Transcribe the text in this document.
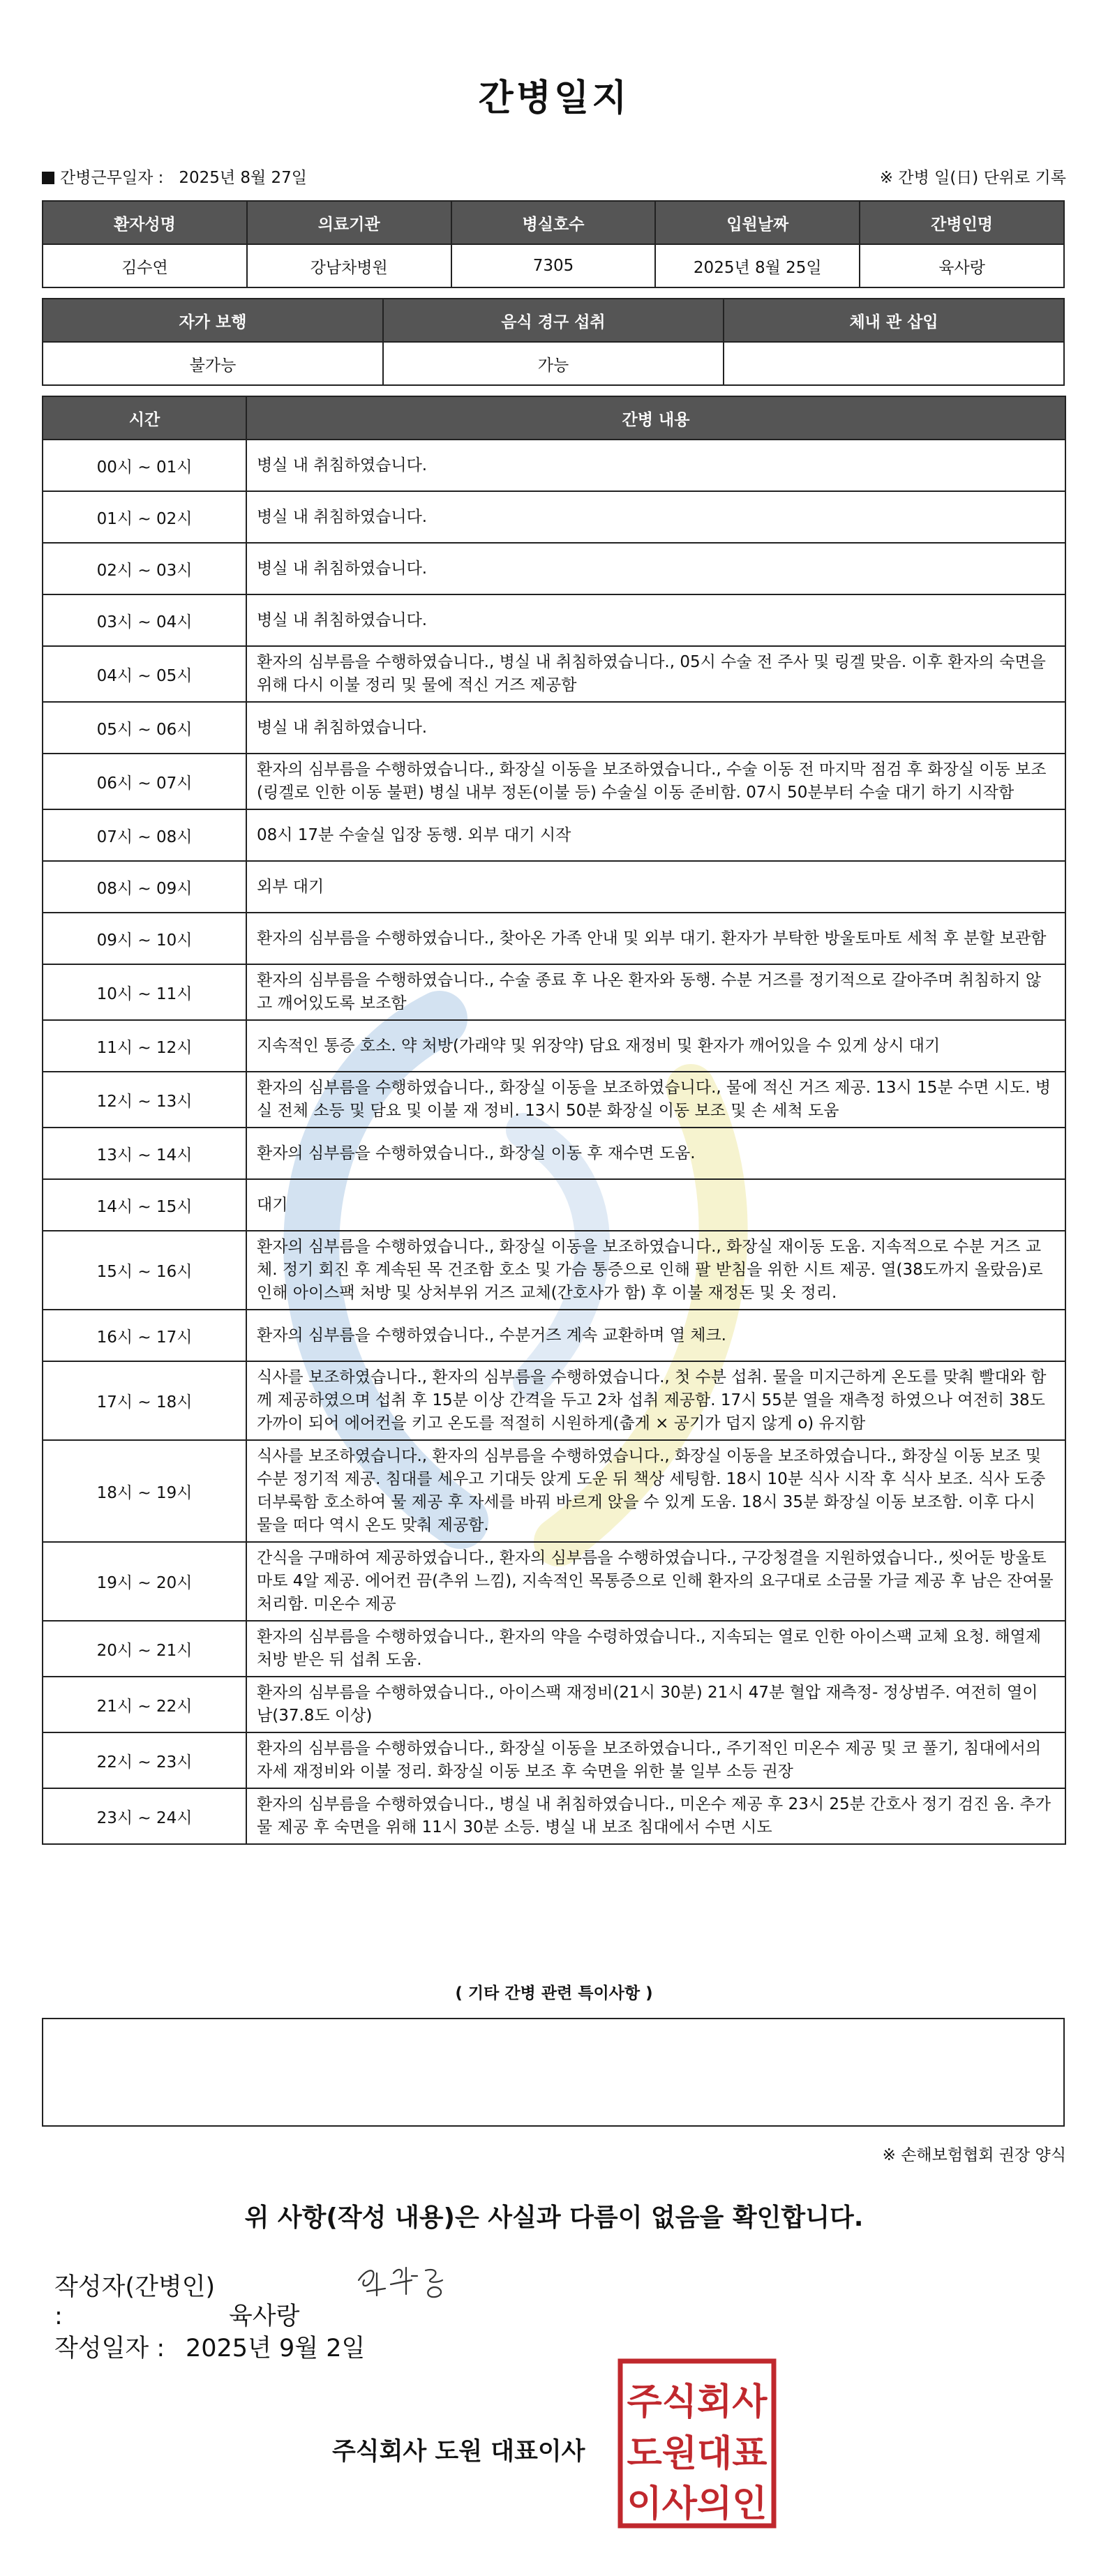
간병일지
간병근무일자 : 2025년 8월 27일	※ 간병 일(日) 단위로 기록
환자성명	의료기관	병실호수	입원날짜	간병인명
김수연	강남차병원	7305	2025년 8월 25일	육사랑
자가 보행	음식 경구 섭취	체내 관 삽입
불가능	가능	
시간	간병 내용
00시 ~ 01시	병실 내 취침하였습니다.
01시 ~ 02시	병실 내 취침하였습니다.
02시 ~ 03시	병실 내 취침하였습니다.
03시 ~ 04시	병실 내 취침하였습니다.
04시 ~ 05시	환자의 심부름을 수행하였습니다., 병실 내 취침하였습니다., 05시 수술 전 주사 및 링겔 맞음. 이후 환자의 숙면을 위해 다시 이불 정리 및 물에 적신 거즈 제공함
05시 ~ 06시	병실 내 취침하였습니다.
06시 ~ 07시	환자의 심부름을 수행하였습니다., 화장실 이동을 보조하였습니다., 수술 이동 전 마지막 점검 후 화장실 이동 보조(링겔로 인한 이동 불편) 병실 내부 정돈(이불 등) 수술실 이동 준비함. 07시 50분부터 수술 대기 하기 시작함
07시 ~ 08시	08시 17분 수술실 입장 동행. 외부 대기 시작
08시 ~ 09시	외부 대기
09시 ~ 10시	환자의 심부름을 수행하였습니다., 찾아온 가족 안내 및 외부 대기. 환자가 부탁한 방울토마토 세척 후 분할 보관함
10시 ~ 11시	환자의 심부름을 수행하였습니다., 수술 종료 후 나온 환자와 동행. 수분 거즈를 정기적으로 갈아주며 취침하지 않고 깨어있도록 보조함
11시 ~ 12시	지속적인 통증 호소. 약 처방(가래약 및 위장약) 담요 재정비 및 환자가 깨어있을 수 있게 상시 대기
12시 ~ 13시	환자의 심부름을 수행하였습니다., 화장실 이동을 보조하였습니다., 물에 적신 거즈 제공. 13시 15분 수면 시도. 병실 전체 소등 및 담요 및 이불 재 정비. 13시 50분 화장실 이동 보조 및 손 세척 도움
13시 ~ 14시	환자의 심부름을 수행하였습니다., 화장실 이동 후 재수면 도움.
14시 ~ 15시	대기
15시 ~ 16시	환자의 심부름을 수행하였습니다., 화장실 이동을 보조하였습니다., 화장실 재이동 도움. 지속적으로 수분 거즈 교체. 정기 회진 후 계속된 목 건조함 호소 및 가슴 통증으로 인해 팔 받침을 위한 시트 제공. 열(38도까지 올랐음)로 인해 아이스팩 처방 및 상처부위 거즈 교체(간호사가 함) 후 이불 재정돈 및 옷 정리.
16시 ~ 17시	환자의 심부름을 수행하였습니다., 수분거즈 계속 교환하며 열 체크.
17시 ~ 18시	식사를 보조하였습니다., 환자의 심부름을 수행하였습니다., 첫 수분 섭취. 물을 미지근하게 온도를 맞춰 빨대와 함께 제공하였으며 섭취 후 15분 이상 간격을 두고 2차 섭취 제공함. 17시 55분 열을 재측정 하였으나 여전히 38도 가까이 되어 에어컨을 키고 온도를 적절히 시원하게(춥게 × 공기가 덥지 않게 o) 유지함
18시 ~ 19시	식사를 보조하였습니다., 환자의 심부름을 수행하였습니다., 화장실 이동을 보조하였습니다., 화장실 이동 보조 및 수분 정기적 제공. 침대를 세우고 기대듯 앉게 도운 뒤 책상 세팅함. 18시 10분 식사 시작 후 식사 보조. 식사 도중 더부룩함 호소하여 물 제공 후 자세를 바꿔 바르게 앉을 수 있게 도움. 18시 35분 화장실 이동 보조함. 이후 다시 물을 떠다 역시 온도 맞춰 제공함.
19시 ~ 20시	간식을 구매하여 제공하였습니다., 환자의 심부름을 수행하였습니다., 구강청결을 지원하였습니다., 씻어둔 방울토마토 4알 제공. 에어컨 끔(추위 느낌), 지속적인 목통증으로 인해 환자의 요구대로 소금물 가글 제공 후 남은 잔여물 처리함. 미온수 제공
20시 ~ 21시	환자의 심부름을 수행하였습니다., 환자의 약을 수령하였습니다., 지속되는 열로 인한 아이스팩 교체 요청. 해열제 처방 받은 뒤 섭취 도움.
21시 ~ 22시	환자의 심부름을 수행하였습니다., 아이스팩 재정비(21시 30분) 21시 47분 혈압 재측정- 정상범주. 여전히 열이 남(37.8도 이상)
22시 ~ 23시	환자의 심부름을 수행하였습니다., 화장실 이동을 보조하였습니다., 주기적인 미온수 제공 및 코 풀기, 침대에서의 자세 재정비와 이불 정리. 화장실 이동 보조 후 숙면을 위한 불 일부 소등 권장
23시 ~ 24시	환자의 심부름을 수행하였습니다., 병실 내 취침하였습니다., 미온수 제공 후 23시 25분 간호사 정기 검진 옴. 추가 물 제공 후 숙면을 위해 11시 30분 소등. 병실 내 보조 침대에서 수면 시도
( 기타 간병 관련 특이사항 )
※ 손해보험협회 권장 양식
위 사항(작성 내용)은 사실과 다름이 없음을 확인합니다.
작성자(간병인) :	육사랑
작성일자 : 2025년 9월 2일
주식회사 도원 대표이사
주식회사
도원대표
이사의인
